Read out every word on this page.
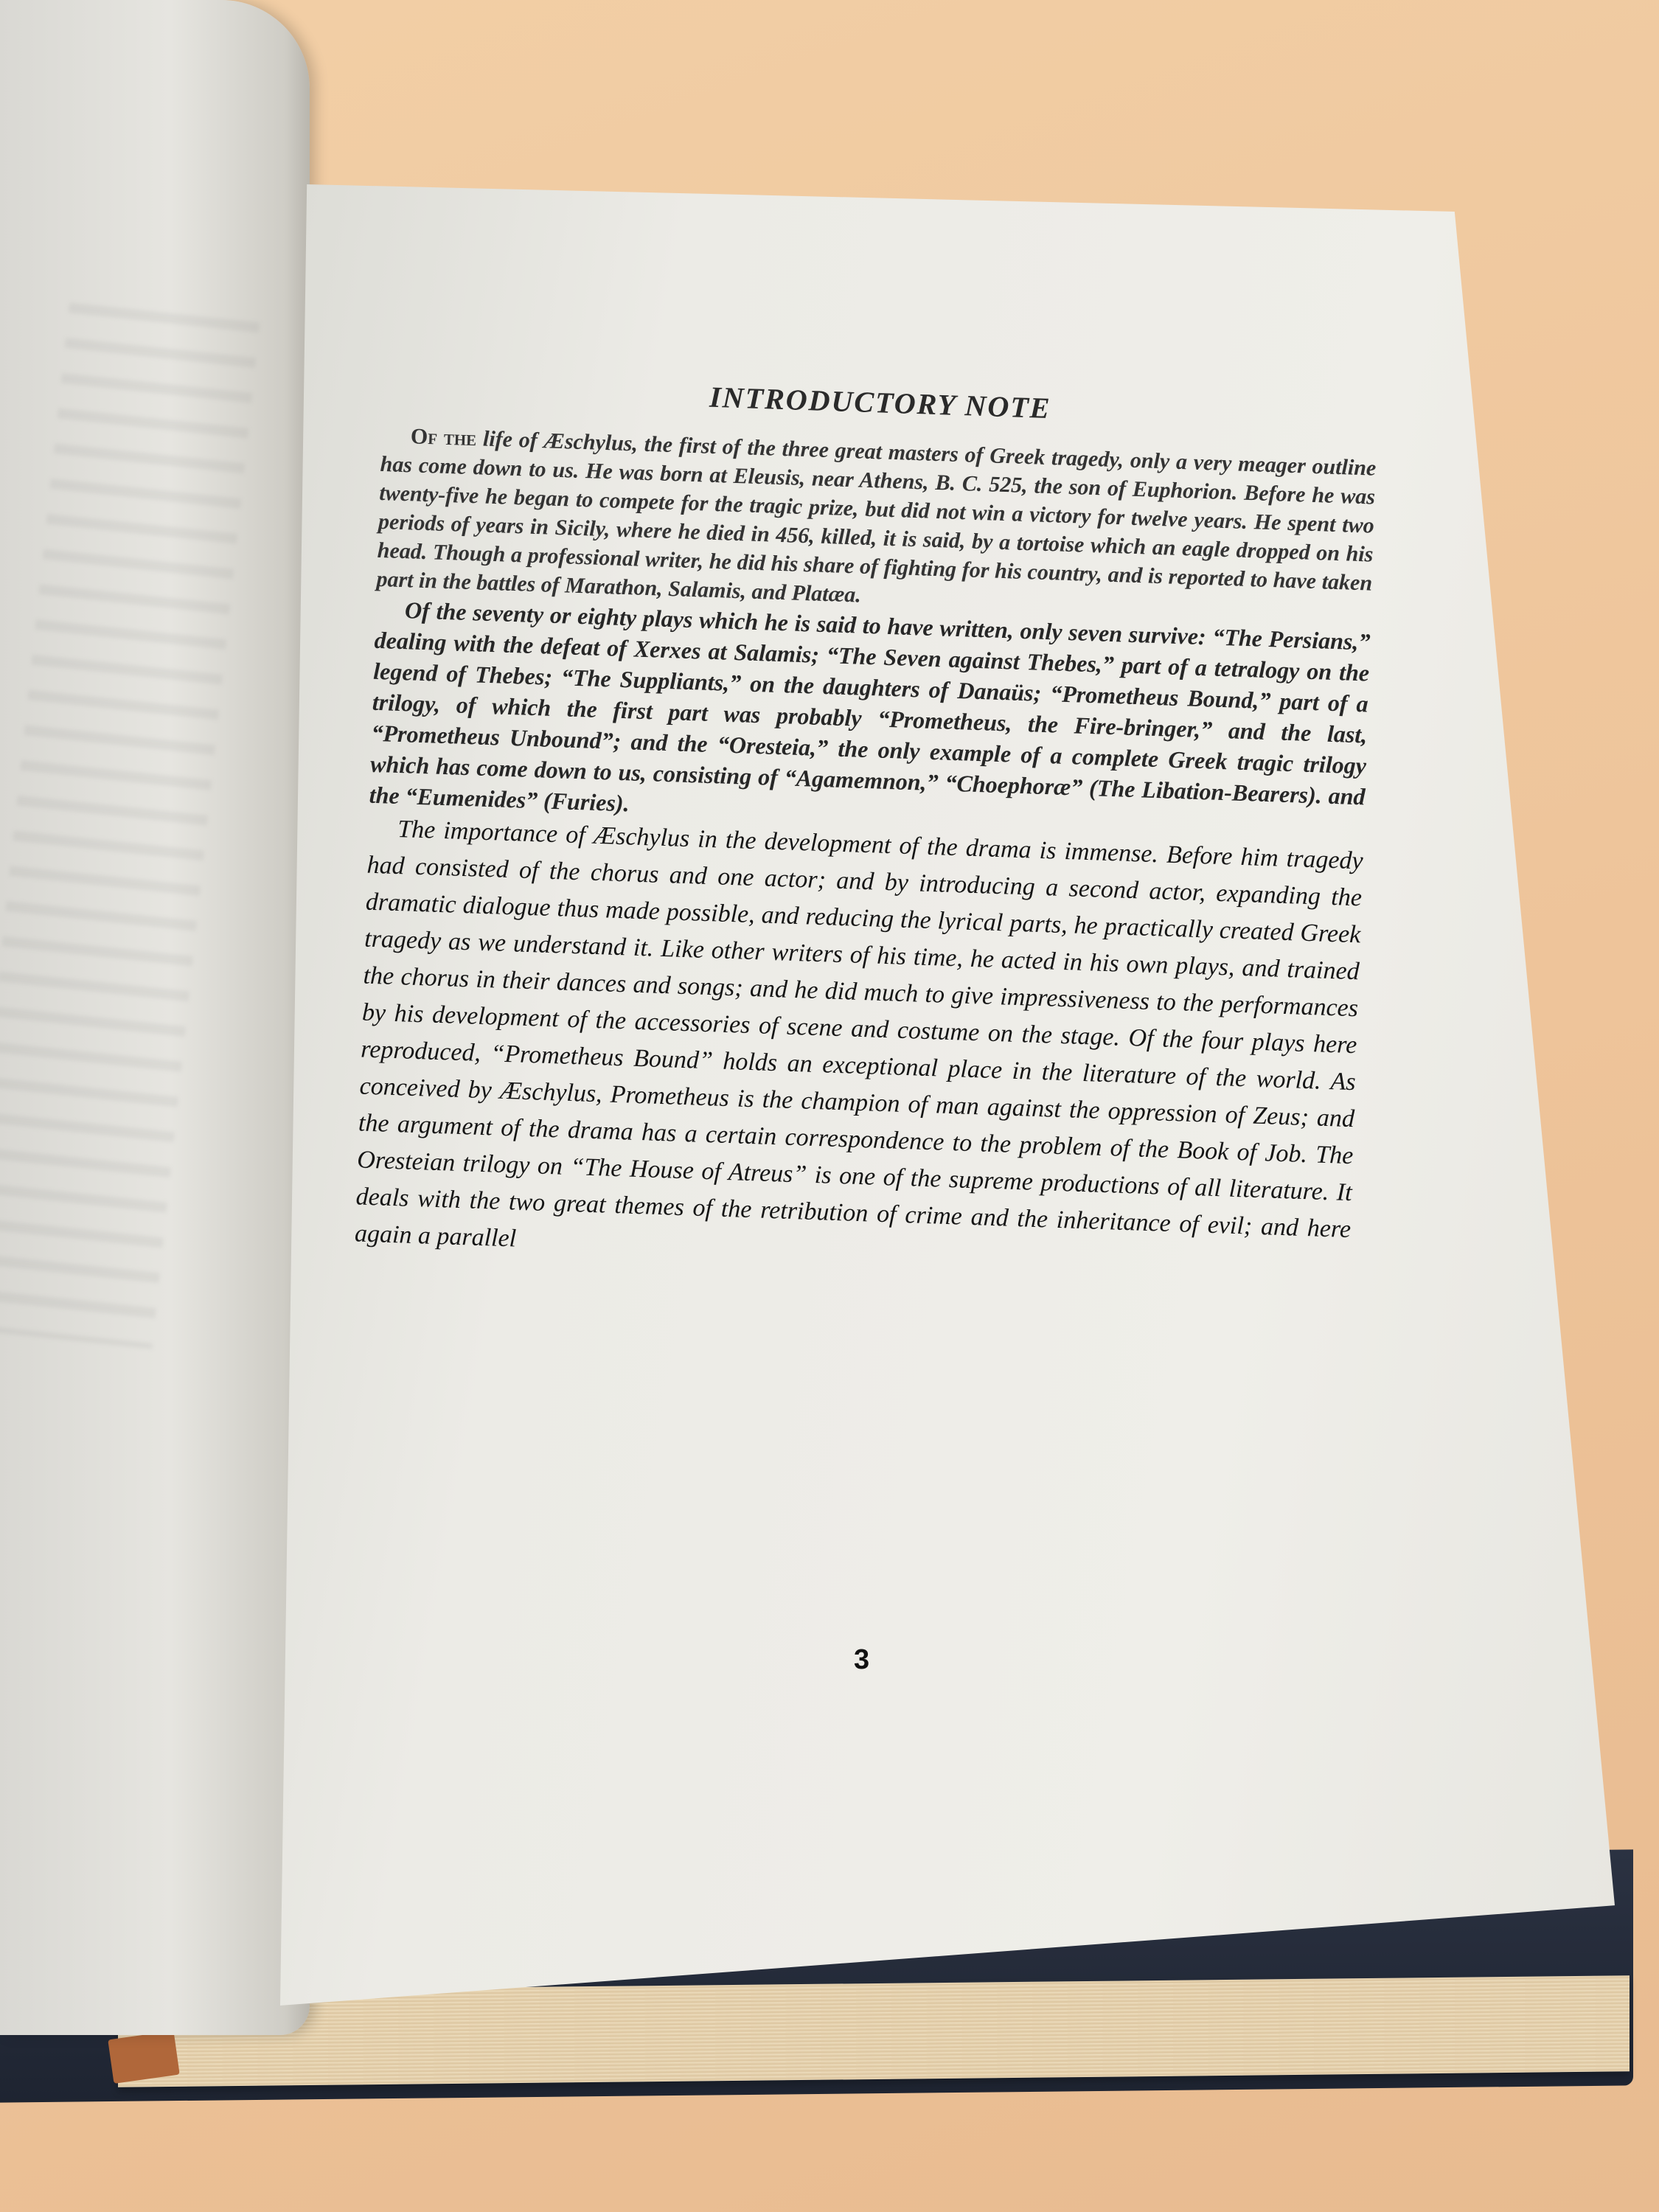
INTRODUCTORY NOTE

Of the life of Æschylus, the first of the three great masters of Greek tragedy, only a very meager outline has come down to us. He was born at Eleusis, near Athens, B. C. 525, the son of Euphorion. Before he was twenty-five he began to compete for the tragic prize, but did not win a victory for twelve years. He spent two periods of years in Sicily, where he died in 456, killed, it is said, by a tortoise which an eagle dropped on his head. Though a professional writer, he did his share of fighting for his country, and is reported to have taken part in the battles of Marathon, Salamis, and Platæa.

Of the seventy or eighty plays which he is said to have written, only seven survive: “The Persians,” dealing with the defeat of Xerxes at Salamis; “The Seven against Thebes,” part of a tetralogy on the legend of Thebes; “The Suppliants,” on the daughters of Danaüs; “Prometheus Bound,” part of a trilogy, of which the first part was probably “Prometheus, the Fire-bringer,” and the last, “Prometheus Unbound”; and the “Oresteia,” the only example of a complete Greek tragic trilogy which has come down to us, consisting of “Agamemnon,” “Choephoræ” (The Libation-Bearers). and the “Eumenides” (Furies).

The importance of Æschylus in the development of the drama is immense. Before him tragedy had consisted of the chorus and one actor; and by introducing a second actor, expanding the dramatic dialogue thus made possible, and reducing the lyrical parts, he practically created Greek tragedy as we understand it. Like other writers of his time, he acted in his own plays, and trained the chorus in their dances and songs; and he did much to give impressiveness to the performances by his development of the accessories of scene and costume on the stage. Of the four plays here reproduced, “Prometheus Bound” holds an exceptional place in the literature of the world. As conceived by Æschylus, Prometheus is the champion of man against the oppression of Zeus; and the argument of the drama has a certain correspondence to the problem of the Book of Job. The Oresteian trilogy on “The House of Atreus” is one of the supreme productions of all literature. It deals with the two great themes of the retribution of crime and the inheritance of evil; and here again a parallel

3
